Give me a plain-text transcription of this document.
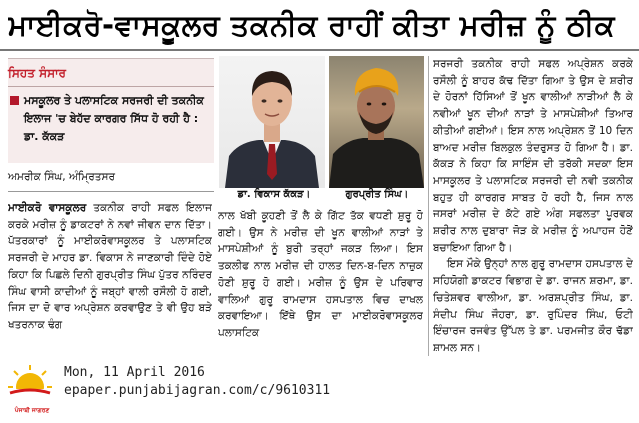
ਮਾਈਕਰੋ-ਵਾਸਕੂਲਰ ਤਕਨੀਕ ਰਾਹੀਂ ਕੀਤਾ ਮਰੀਜ਼ ਨੂੰ ਠੀਕ
ਸਿਹਤ ਸੰਸਾਰ
ਮਸਕੂਲਰ ਤੇ ਪਲਾਸਟਿਕ ਸਰਜਰੀ ਦੀ ਤਕਨੀਕ ਇਲਾਜ 'ਚ ਬੇਹੱਦ ਕਾਰਗਰ ਸਿੱਧ ਹੋ ਰਹੀ ਹੈ : ਡਾ. ਕੱਕੜ
ਅਮਰੀਕ ਸਿੰਘ, ਅੰਮ੍ਰਿਤਸਰ
ਡਾ. ਵਿਕਾਸ ਕੱਕੜ।	ਗੁਰਪ੍ਰੀਤ ਸਿੰਘ।

ਮਾਈਕਰੋ ਵਾਸਕੂਲਰ ਤਕਨੀਕ ਰਾਹੀ ਸਫਲ ਇਲਾਜ ਕਰਕੇ ਮਰੀਜ਼ ਨੂੰ ਡਾਕਟਰਾਂ ਨੇ ਨਵਾਂ ਜੀਵਨ ਦਾਨ ਦਿੱਤਾ। ਪੱਤਰਕਾਰਾਂ ਨੂੰ ਮਾਈਕਰੋਵਾਸਕੂਲਰ ਤੇ ਪਲਾਸਟਿਕ ਸਰਜਰੀ ਦੇ ਮਾਹਰ ਡਾ. ਵਿਕਾਸ ਨੇ ਜਾਣਕਾਰੀ ਦਿੰਦੇ ਹੋਏ ਕਿਹਾ ਕਿ ਪਿਛਲੇ ਦਿਨੀ ਗੁਰਪ੍ਰੀਤ ਸਿੰਘ ਪੁੱਤਰ ਨਰਿੰਦਰ ਸਿੰਘ ਵਾਸੀ ਕਾਦੀਆਂ ਨੂੰ ਜਬ੍ਹਾਂ ਵਾਲੀ ਰਸੌਲੀ ਹੋ ਗਈ, ਜਿਸ ਦਾ ਦੋ ਵਾਰ ਅਪ੍ਰੇਸ਼ਨ ਕਰਵਾਉਣ ਤੇ ਵੀ ਉਹ ਬੜੇ ਖਤਰਨਾਕ ਢੰਗ

ਨਾਲ ਖੱਬੀ ਕੂਹਣੀ ਤੋਂ ਲੈ ਕੇ ਗਿੱਟ ਤੱਕ ਵਧਣੀ ਸ਼ੁਰੂ ਹੋ ਗਈ। ਉਸ ਨੇ ਮਰੀਜ਼ ਦੀ ਖੂਨ ਵਾਲੀਆਂ ਨਾੜਾਂ ਤੇ ਮਾਸਪੇਸ਼ੀਆਂ ਨੂੰ ਬੁਰੀ ਤਰ੍ਹਾਂ ਜਕੜ ਲਿਆ। ਇਸ ਤਕਲੀਫ ਨਾਲ ਮਰੀਜ਼ ਦੀ ਹਾਲਤ ਦਿਨ-ਬ-ਦਿਨ ਨਾਜ਼ੁਕ ਹੋਣੀ ਸ਼ੁਰੂ ਹੋ ਗਈ। ਮਰੀਜ਼ ਨੂੰ ਉਸ ਦੇ ਪਰਿਵਾਰ ਵਾਲਿਆਂ ਗੁਰੂ ਰਾਮਦਾਸ ਹਸਪਤਾਲ ਵਿਚ ਦਾਖਲ ਕਰਵਾਇਆ। ਇੱਥੇ ਉਸ ਦਾ ਮਾਈਕਰੋਵਾਸਕੂਲਰ ਪਲਾਸਟਿਕ

ਸਰਜਰੀ ਤਕਨੀਕ ਰਾਹੀ ਸਫਲ ਅਪ੍ਰੇਸ਼ਨ ਕਰਕੇ ਰਸੌਲੀ ਨੂੰ ਬਾਹਰ ਕੱਢ ਦਿੱਤਾ ਗਿਆ ਤੇ ਉਸ ਦੇ ਸ਼ਰੀਰ ਦੇ ਹੋਰਨਾਂ ਹਿੱਸਿਆਂ ਤੋਂ ਖੂਨ ਵਾਲੀਆਂ ਨਾੜੀਆਂ ਲੈ ਕੇ ਨਵੀਆਂ ਖੂਨ ਦੀਆਂ ਨਾੜਾਂ ਤੇ ਮਾਸਪੇਸ਼ੀਆਂ ਤਿਆਰ ਕੀਤੀਆਂ ਗਈਆਂ। ਇਸ ਨਾਲ ਅਪ੍ਰੇਸ਼ਨ ਤੋਂ 10 ਦਿਨ ਬਾਅਦ ਮਰੀਜ਼ ਬਿਲਕੁਲ ਤੰਦਰੁਸਤ ਹੋ ਗਿਆ ਹੈ। ਡਾ. ਕੱਕੜ ਨੇ ਕਿਹਾ ਕਿ ਸਾਇੰਸ ਦੀ ਤਰੱਕੀ ਸਦਕਾ ਇਸ ਮਾਸਕੂਲਰ ਤੇ ਪਲਾਸਟਿਕ ਸਰਜਰੀ ਦੀ ਨਵੀ ਤਕਨੀਕ ਬਹੁਤ ਹੀ ਕਾਰਗਰ ਸਾਬਤ ਹੋ ਰਹੀ ਹੈ, ਜਿਸ ਨਾਲ ਜਸਰਾਂ ਮਰੀਜ਼ ਦੇ ਕੱਟੇ ਗਏ ਅੰਗ ਸਫਲਤਾ ਪੂਰਵਕ ਸ਼ਰੀਰ ਨਾਲ ਦੁਬਾਰਾ ਜੋੜ ਕੇ ਮਰੀਜ਼ ਨੂੰ ਅਪਾਹਜ ਹੋਣੋਂ ਬਚਾਇਆ ਗਿਆ ਹੈ।

ਇਸ ਮੌਕੇ ਉਨ੍ਹਾਂ ਨਾਲ ਗੁਰੂ ਰਾਮਦਾਸ ਹਸਪਤਾਲ ਦੇ ਸਹਿਯੋਗੀ ਡਾਕਟਰ ਵਿਭਾਗ ਦੇ ਡਾ. ਰਾਜਨ ਸ਼ਰਮਾ, ਡਾ. ਚਿਤੇਸ਼ਵਰ ਵਾਲੀਆ, ਡਾ. ਅਰਸ਼ਪ੍ਰੀਤ ਸਿੰਘ, ਡਾ. ਸੰਦੀਪ ਸਿੰਘ ਜੌਹਰਾ, ਡਾ. ਰੁਪਿੰਦਰ ਸਿੰਘ, ਓਟੀ ਇੰਚਾਰਜ ਰਜਵੰਤ ਉੱਪਲ ਤੇ ਡਾ. ਪਰਮਜੀਤ ਕੌਰ ਢੱਡਾ ਸ਼ਾਮਲ ਸਨ।

ਪੰਜਾਬੀ ਜਾਗਰਣ
Mon, 11 April 2016
epaper.punjabijagran.com/c/9610311
